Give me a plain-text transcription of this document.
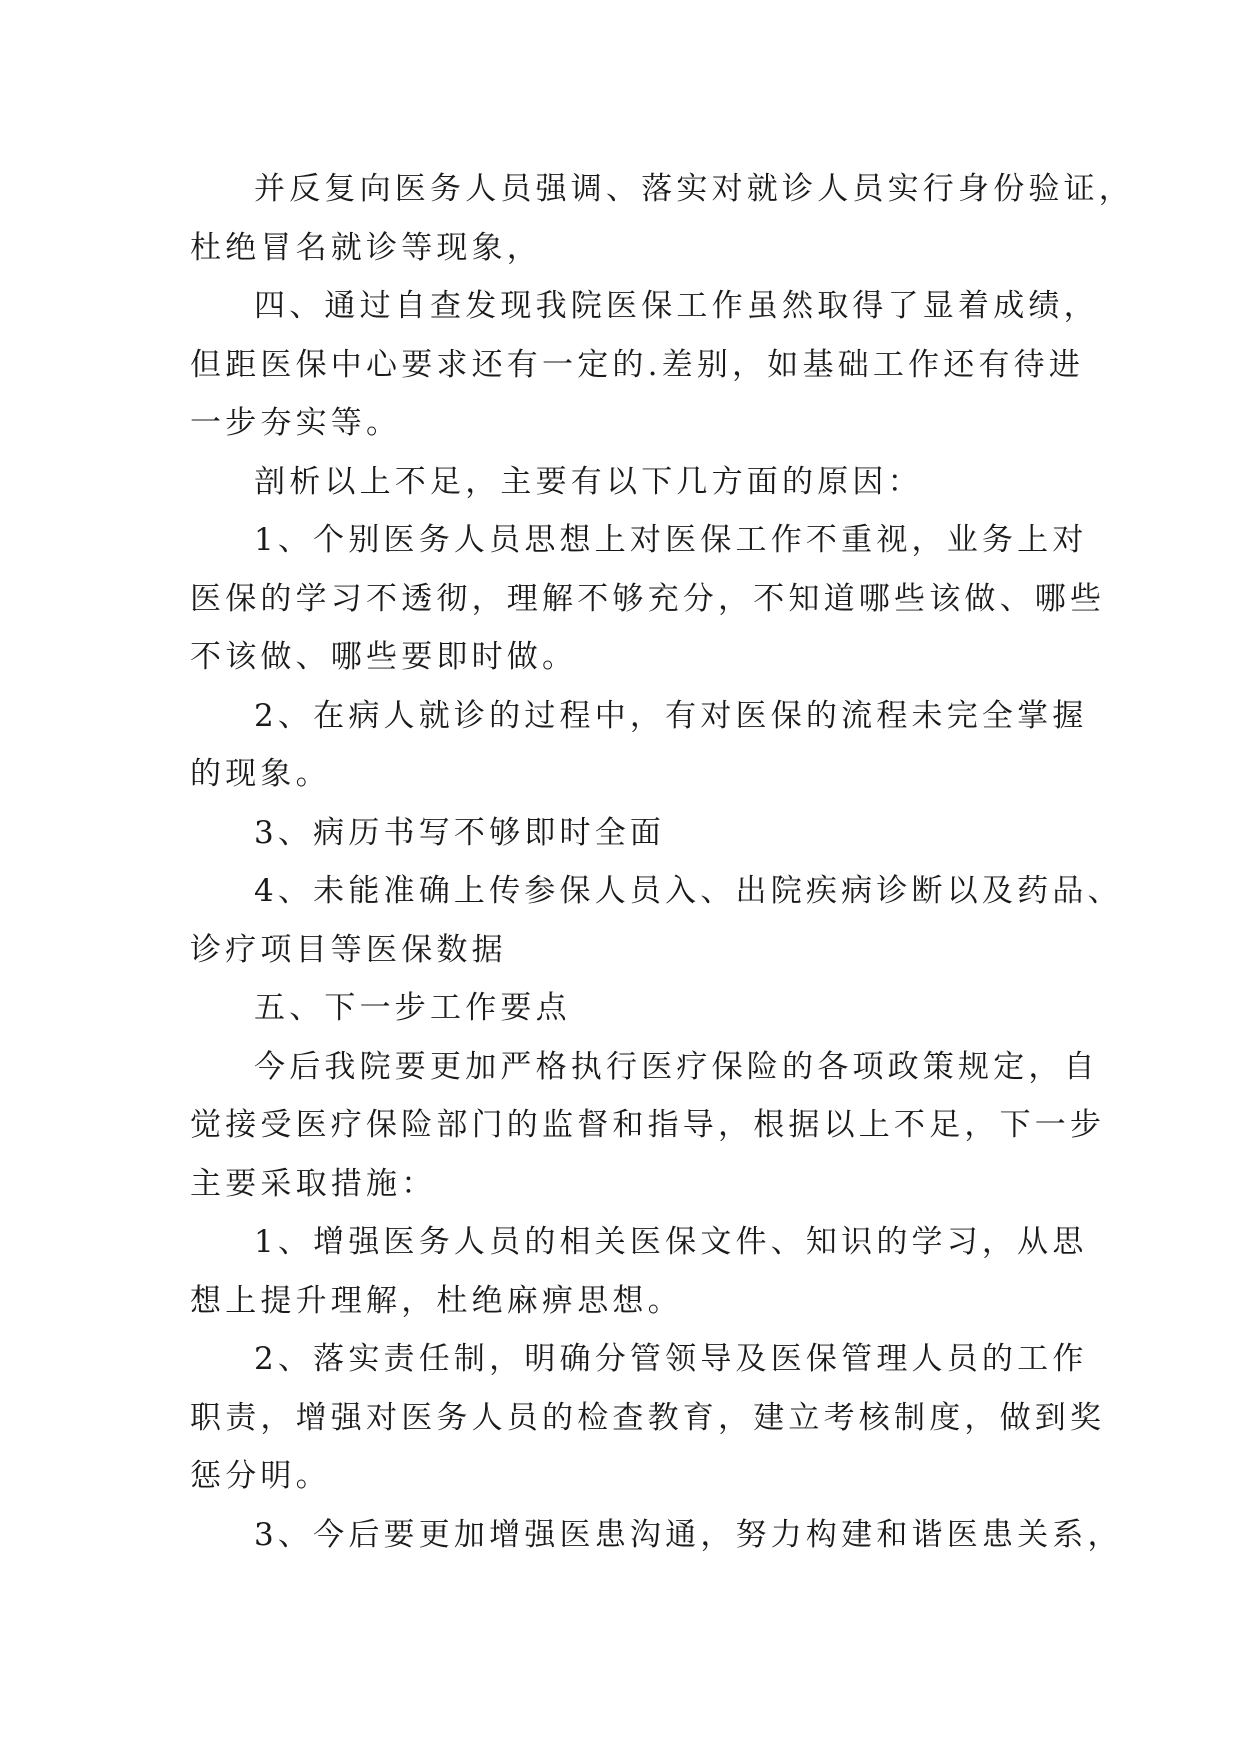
并反复向医务人员强调、落实对就诊人员实行身份验证，
杜绝冒名就诊等现象，
四、通过自查发现我院医保工作虽然取得了显着成绩，
但距医保中心要求还有一定的.差别，如基础工作还有待进
一步夯实等。
剖析以上不足，主要有以下几方面的原因：
1、个别医务人员思想上对医保工作不重视，业务上对
医保的学习不透彻，理解不够充分，不知道哪些该做、哪些
不该做、哪些要即时做。
2、在病人就诊的过程中，有对医保的流程未完全掌握
的现象。
3、病历书写不够即时全面
4、未能准确上传参保人员入、出院疾病诊断以及药品、
诊疗项目等医保数据
五、下一步工作要点
今后我院要更加严格执行医疗保险的各项政策规定，自
觉接受医疗保险部门的监督和指导，根据以上不足，下一步
主要采取措施：
1、增强医务人员的相关医保文件、知识的学习，从思
想上提升理解，杜绝麻痹思想。
2、落实责任制，明确分管领导及医保管理人员的工作
职责，增强对医务人员的检查教育，建立考核制度，做到奖
惩分明。
3、今后要更加增强医患沟通，努力构建和谐医患关系，
